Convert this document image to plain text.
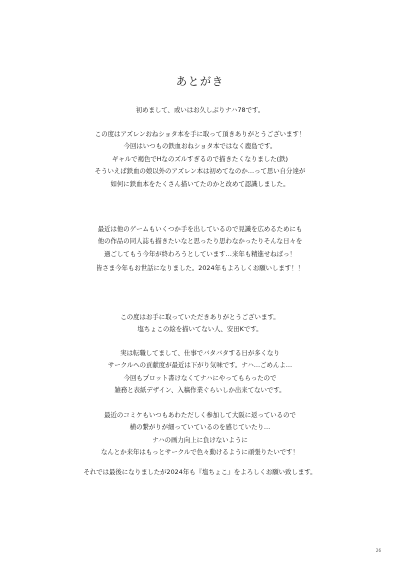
あとがき

初めまして、或いはお久しぶりナハ78です。

この度はアズレンおねショタ本を手に取って頂きありがとうございます！

今回はいつもの鉄血おねショタ本ではなく鹿島です。

ギャルで褐色でHなのズルすぎるので描きたくなりました(鉄)

そういえば鉄血の娘以外のアズレン本は初めてなのか…って思い自分達が

如何に鉄血本をたくさん描いてたのかと改めて認識しました。

最近は他のゲームもいくつか手を出しているので見識を広めるためにも

他の作品の同人誌も描きたいなと思ったり思わなかったりそんな日々を

過ごしてもう今年が終わろうとしています…来年も精進せねばっ！

皆さま今年もお世話になりました。2024年もよろしくお願いします！！

この度はお手に取っていただきありがとうございます。

塩ちょこの絵を描いてない人、安田Kです。

実は転職してまして、仕事でバタバタする日が多くなり

サークルへの貢献度が最近は下がり気味です。ナハ…ごめんよ…

今回もプロット書けなくてナハにやってもらったので

雑務と表紙デザイン、入稿作業ぐらいしか出来てないです。

最近のコミケもいつもあわただしく参加して大阪に返っているので

横の繋がりが細っていているのを感じていたり…

ナハの画力向上に負けないように

なんとか来年はもっとサークルで色々動けるように頑張りたいです！

それでは最後になりましたが2024年も『塩ちょこ』をよろしくお願い致します。

26
